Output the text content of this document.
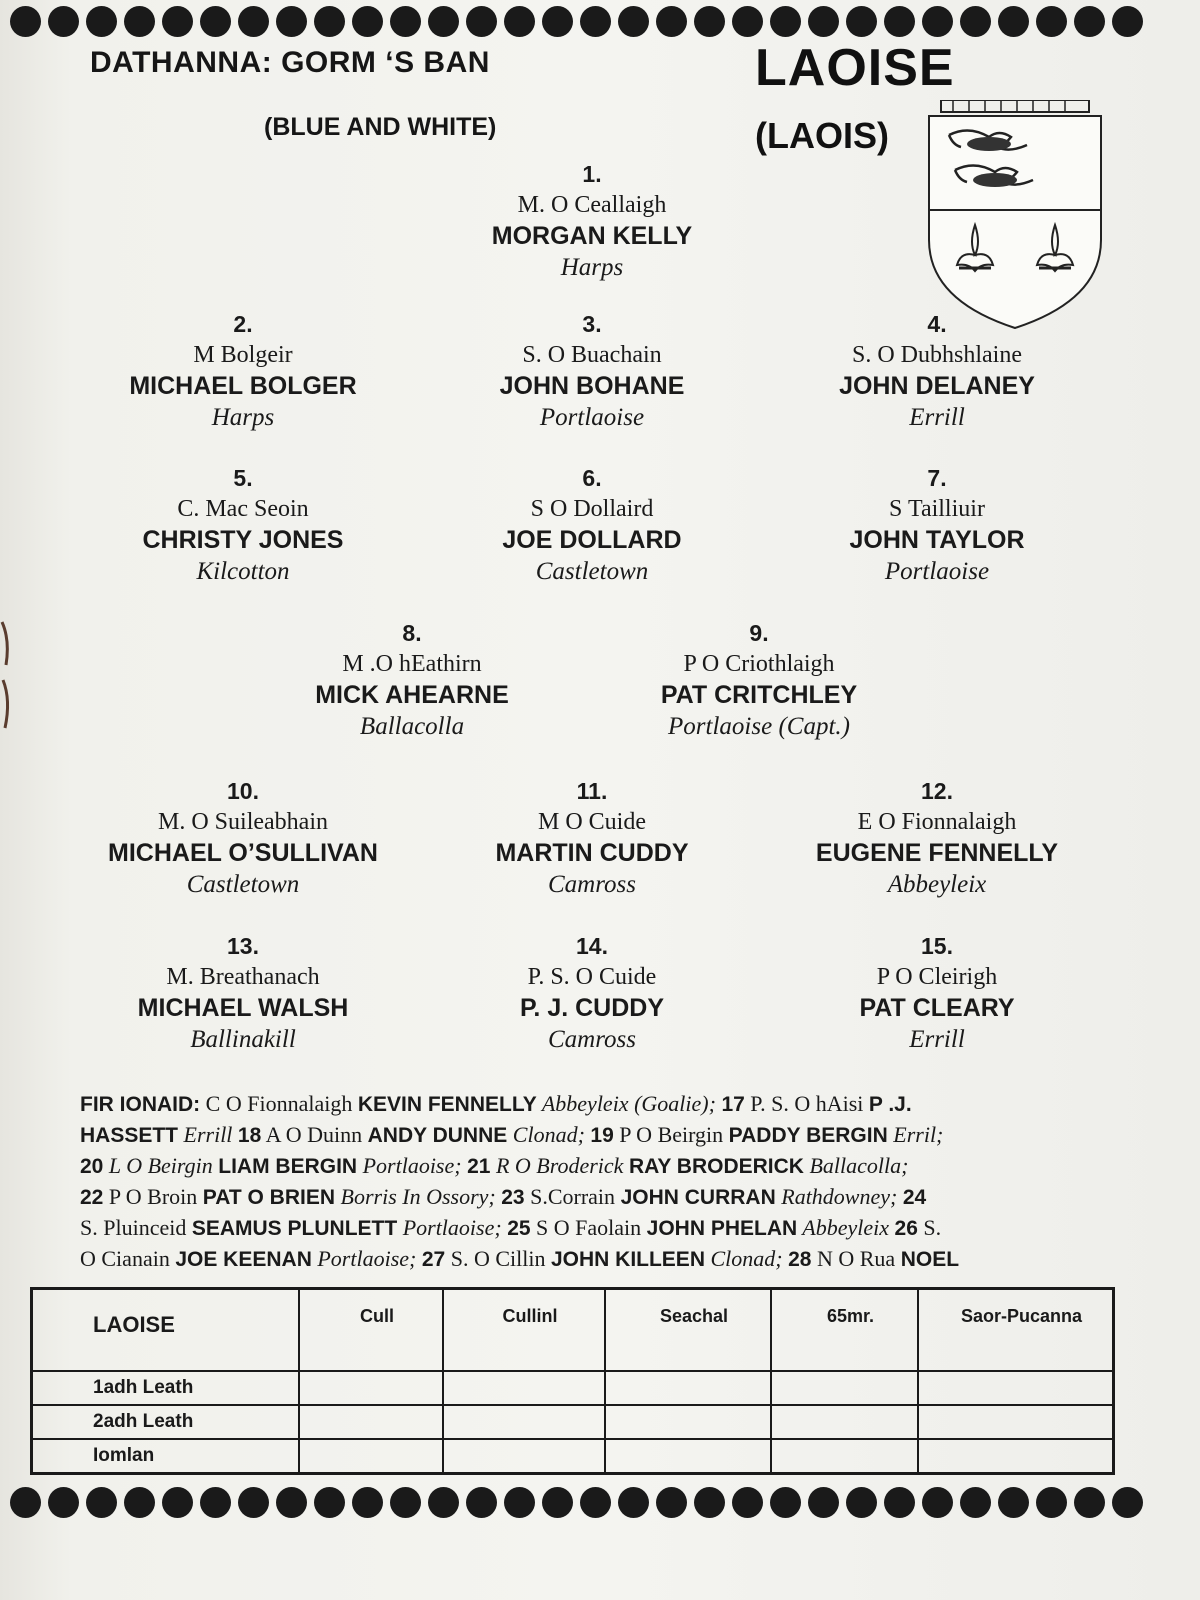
DATHANNA: GORM ‘S BAN
(BLUE AND WHITE)
LAOISE
(LAOIS)
1.
M. O Ceallaigh
MORGAN KELLY
Harps
2.
M Bolgeir
MICHAEL BOLGER
Harps
3.
S. O Buachain
JOHN BOHANE
Portlaoise
4.
S. O Dubhshlaine
JOHN DELANEY
Errill
5.
C. Mac Seoin
CHRISTY JONES
Kilcotton
6.
S O Dollaird
JOE DOLLARD
Castletown
7.
S Tailliuir
JOHN TAYLOR
Portlaoise
8.
M .O hEathirn
MICK AHEARNE
Ballacolla
9.
P O Criothlaigh
PAT CRITCHLEY
Portlaoise (Capt.)
10.
M. O Suileabhain
MICHAEL O’SULLIVAN
Castletown
11.
M O Cuide
MARTIN CUDDY
Camross
12.
E O Fionnalaigh
EUGENE FENNELLY
Abbeyleix
13.
M. Breathanach
MICHAEL WALSH
Ballinakill
14.
P. S. O Cuide
P. J. CUDDY
Camross
15.
P O Cleirigh
PAT CLEARY
Errill
FIR IONAID: C O Fionnalaigh KEVIN FENNELLY Abbeyleix (Goalie); 17 P. S. O hAisi P .J.
HASSETT Errill 18 A O Duinn ANDY DUNNE Clonad; 19 P O Beirgin PADDY BERGIN Erril;
20 L O Beirgin LIAM BERGIN Portlaoise; 21 R O Broderick RAY BRODERICK Ballacolla;
22 P O Broin PAT O BRIEN Borris In Ossory; 23 S.Corrain JOHN CURRAN Rathdowney; 24
S. Pluinceid SEAMUS PLUNLETT Portlaoise; 25 S O Faolain JOHN PHELAN Abbeyleix 26 S.
O Cianain JOE KEENAN Portlaoise; 27 S. O Cillin JOHN KILLEEN Clonad; 28 N O Rua NOEL
LAOISE	Cull	Cullinl	Seachal	65mr.	Saor-Pucanna
1adh Leath					
2adh Leath					
Iomlan					
